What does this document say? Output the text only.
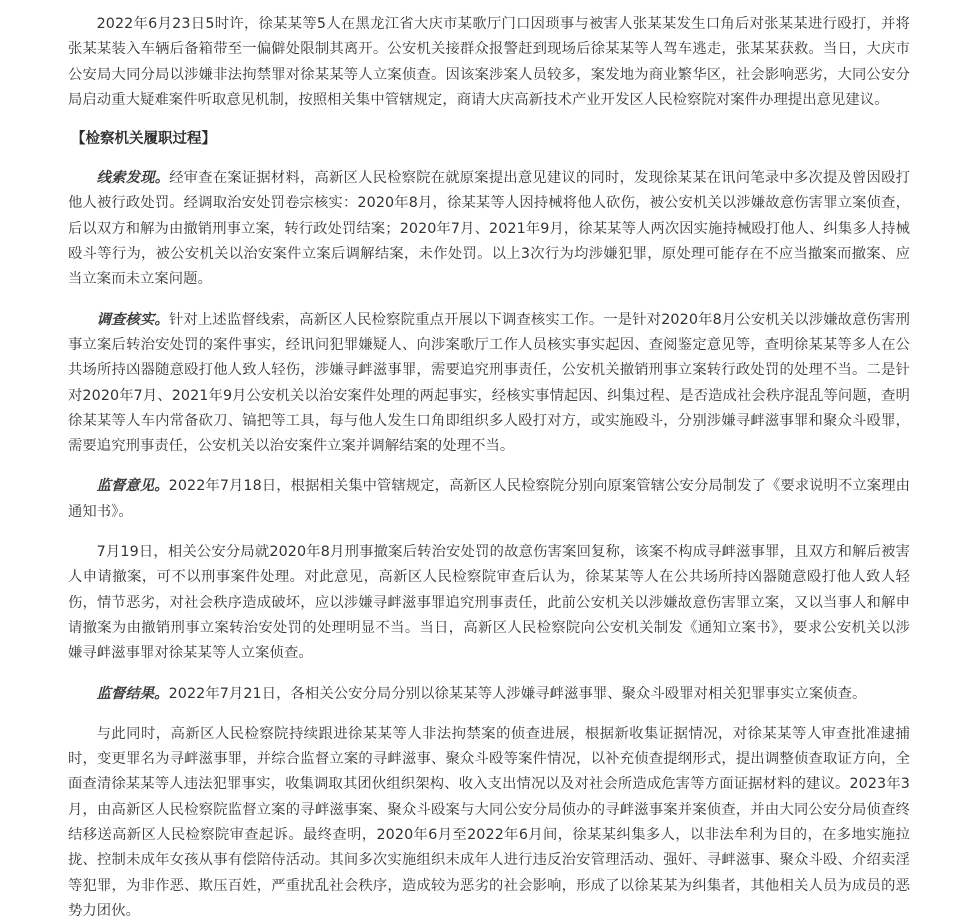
2022年6月23日5时许，徐某某等5人在黑龙江省大庆市某歌厅门口因琐事与被害人张某某发生口角后对张某某进行殴打，并将张某某装入车辆后备箱带至一偏僻处限制其离开。公安机关接群众报警赶到现场后徐某某等人驾车逃走，张某某获救。当日，大庆市公安局大同分局以涉嫌非法拘禁罪对徐某某等人立案侦查。因该案涉案人员较多，案发地为商业繁华区，社会影响恶劣，大同公安分局启动重大疑难案件听取意见机制，按照相关集中管辖规定，商请大庆高新技术产业开发区人民检察院对案件办理提出意见建议。

【检察机关履职过程】

线索发现。经审查在案证据材料，高新区人民检察院在就原案提出意见建议的同时，发现徐某某在讯问笔录中多次提及曾因殴打他人被行政处罚。经调取治安处罚卷宗核实：2020年8月，徐某某等人因持械将他人砍伤，被公安机关以涉嫌故意伤害罪立案侦查，后以双方和解为由撤销刑事立案，转行政处罚结案；2020年7月、2021年9月，徐某某等人两次因实施持械殴打他人、纠集多人持械殴斗等行为，被公安机关以治安案件立案后调解结案，未作处罚。以上3次行为均涉嫌犯罪，原处理可能存在不应当撤案而撤案、应当立案而未立案问题。

调查核实。针对上述监督线索，高新区人民检察院重点开展以下调查核实工作。一是针对2020年8月公安机关以涉嫌故意伤害刑事立案后转治安处罚的案件事实，经讯问犯罪嫌疑人、向涉案歌厅工作人员核实事实起因、查阅鉴定意见等，查明徐某某等多人在公共场所持凶器随意殴打他人致人轻伤，涉嫌寻衅滋事罪，需要追究刑事责任，公安机关撤销刑事立案转行政处罚的处理不当。二是针对2020年7月、2021年9月公安机关以治安案件处理的两起事实，经核实事情起因、纠集过程、是否造成社会秩序混乱等问题，查明徐某某等人车内常备砍刀、镐把等工具，每与他人发生口角即组织多人殴打对方，或实施殴斗，分别涉嫌寻衅滋事罪和聚众斗殴罪，需要追究刑事责任，公安机关以治安案件立案并调解结案的处理不当。

监督意见。2022年7月18日，根据相关集中管辖规定，高新区人民检察院分别向原案管辖公安分局制发了《要求说明不立案理由通知书》。

7月19日，相关公安分局就2020年8月刑事撤案后转治安处罚的故意伤害案回复称，该案不构成寻衅滋事罪，且双方和解后被害人申请撤案，可不以刑事案件处理。对此意见，高新区人民检察院审查后认为，徐某某等人在公共场所持凶器随意殴打他人致人轻伤，情节恶劣，对社会秩序造成破坏，应以涉嫌寻衅滋事罪追究刑事责任，此前公安机关以涉嫌故意伤害罪立案，又以当事人和解申请撤案为由撤销刑事立案转治安处罚的处理明显不当。当日，高新区人民检察院向公安机关制发《通知立案书》，要求公安机关以涉嫌寻衅滋事罪对徐某某等人立案侦查。

监督结果。2022年7月21日，各相关公安分局分别以徐某某等人涉嫌寻衅滋事罪、聚众斗殴罪对相关犯罪事实立案侦查。

与此同时，高新区人民检察院持续跟进徐某某等人非法拘禁案的侦查进展，根据新收集证据情况，对徐某某等人审查批准逮捕时，变更罪名为寻衅滋事罪，并综合监督立案的寻衅滋事、聚众斗殴等案件情况，以补充侦查提纲形式，提出调整侦查取证方向，全面查清徐某某等人违法犯罪事实，收集调取其团伙组织架构、收入支出情况以及对社会所造成危害等方面证据材料的建议。2023年3月，由高新区人民检察院监督立案的寻衅滋事案、聚众斗殴案与大同公安分局侦办的寻衅滋事案并案侦查，并由大同公安分局侦查终结移送高新区人民检察院审查起诉。最终查明，2020年6月至2022年6月间，徐某某纠集多人，以非法牟利为目的，在多地实施拉拢、控制未成年女孩从事有偿陪侍活动。其间多次实施组织未成年人进行违反治安管理活动、强奸、寻衅滋事、聚众斗殴、介绍卖淫等犯罪，为非作恶、欺压百姓，严重扰乱社会秩序，造成较为恶劣的社会影响，形成了以徐某某为纠集者，其他相关人员为成员的恶势力团伙。
